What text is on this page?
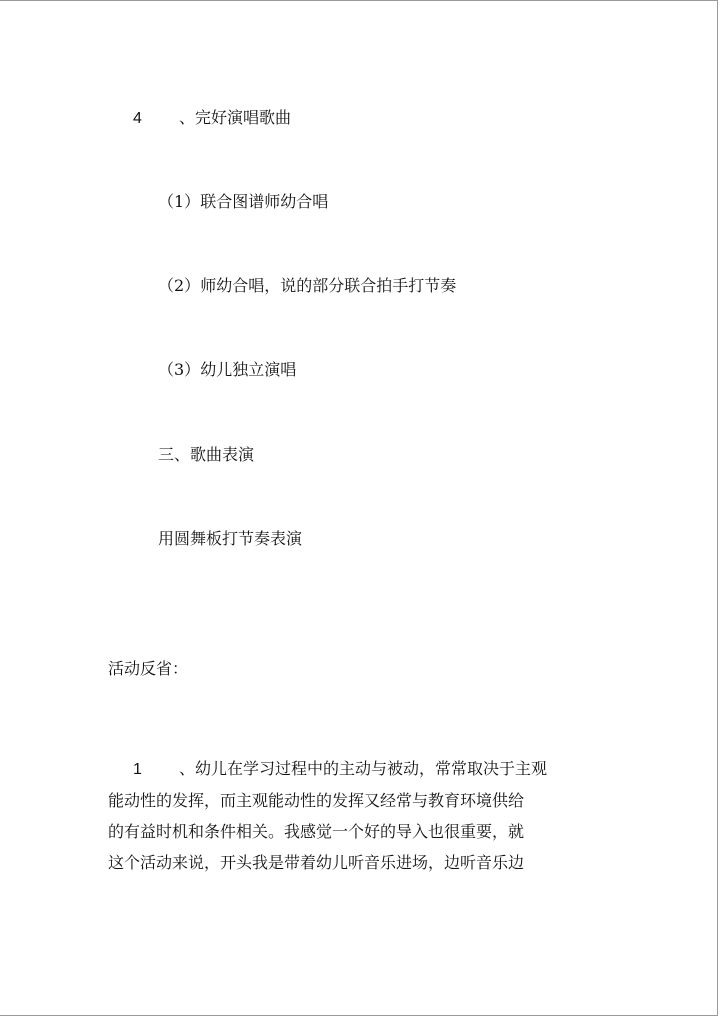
4 、完好演唱歌曲
（1）联合图谱师幼合唱
（2）师幼合唱，说的部分联合拍手打节奏
（3）幼儿独立演唱
三、歌曲表演
用圆舞板打节奏表演
活动反省：
1 、幼儿在学习过程中的主动与被动，常常取决于主观
能动性的发挥，而主观能动性的发挥又经常与教育环境供给
的有益时机和条件相关。我感觉一个好的导入也很重要，就
这个活动来说，开头我是带着幼儿听音乐进场，边听音乐边
